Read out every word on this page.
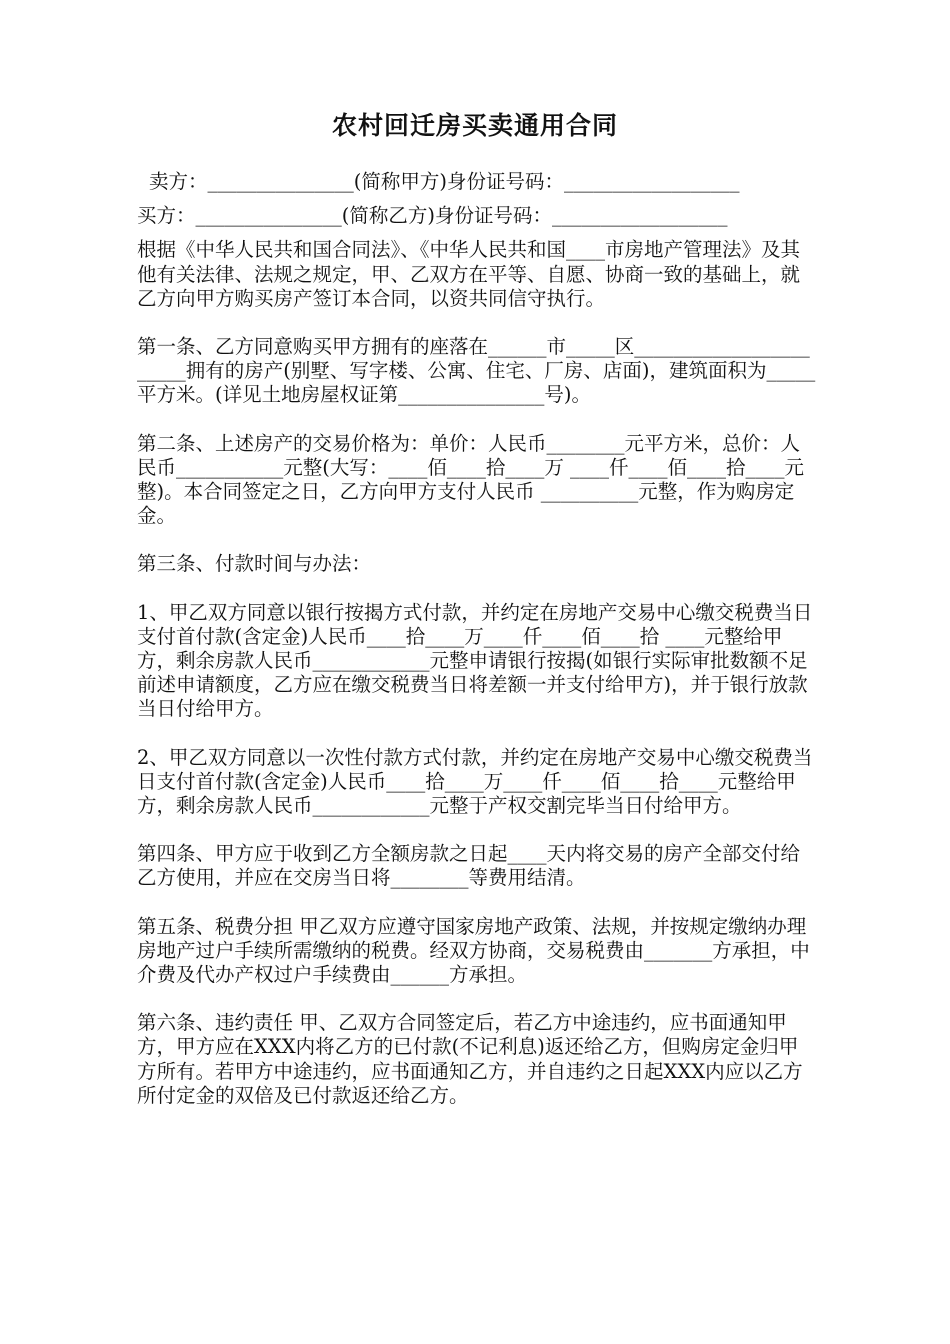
农村回迁房买卖通用合同

卖方：_______________(简称甲方)身份证号码：__________________

买方：_______________(简称乙方)身份证号码：__________________

根据《中华人民共和国合同法》、《中华人民共和国____市房地产管理法》及其他有关法律、法规之规定，甲、乙双方在平等、自愿、协商一致的基础上，就乙方向甲方购买房产签订本合同，以资共同信守执行。

第一条、乙方同意购买甲方拥有的座落在______市_____区_______________________拥有的房产(别墅、写字楼、公寓、住宅、厂房、店面)，建筑面积为_____平方米。(详见土地房屋权证第_______________号)。

第二条、上述房产的交易价格为：单价：人民币________元平方米，总价：人民币___________元整(大写：____佰____拾____万 ____仟____佰____拾____元整)。本合同签定之日，乙方向甲方支付人民币 __________元整，作为购房定金。

第三条、付款时间与办法：

1、甲乙双方同意以银行按揭方式付款，并约定在房地产交易中心缴交税费当日支付首付款(含定金)人民币____拾____万____仟____佰____拾 ____元整给甲方，剩余房款人民币____________元整申请银行按揭(如银行实际审批数额不足前述申请额度，乙方应在缴交税费当日将差额一并支付给甲方)，并于银行放款当日付给甲方。

2、甲乙双方同意以一次性付款方式付款，并约定在房地产交易中心缴交税费当日支付首付款(含定金)人民币____拾____万____仟____佰____拾____元整给甲方，剩余房款人民币____________元整于产权交割完毕当日付给甲方。

第四条、甲方应于收到乙方全额房款之日起____天内将交易的房产全部交付给乙方使用，并应在交房当日将________等费用结清。

第五条、税费分担 甲乙双方应遵守国家房地产政策、法规，并按规定缴纳办理房地产过户手续所需缴纳的税费。经双方协商，交易税费由_______方承担，中介费及代办产权过户手续费由______方承担。

第六条、违约责任 甲、乙双方合同签定后，若乙方中途违约，应书面通知甲方，甲方应在XXX内将乙方的已付款(不记利息)返还给乙方，但购房定金归甲方所有。若甲方中途违约，应书面通知乙方，并自违约之日起XXX内应以乙方所付定金的双倍及已付款返还给乙方。
